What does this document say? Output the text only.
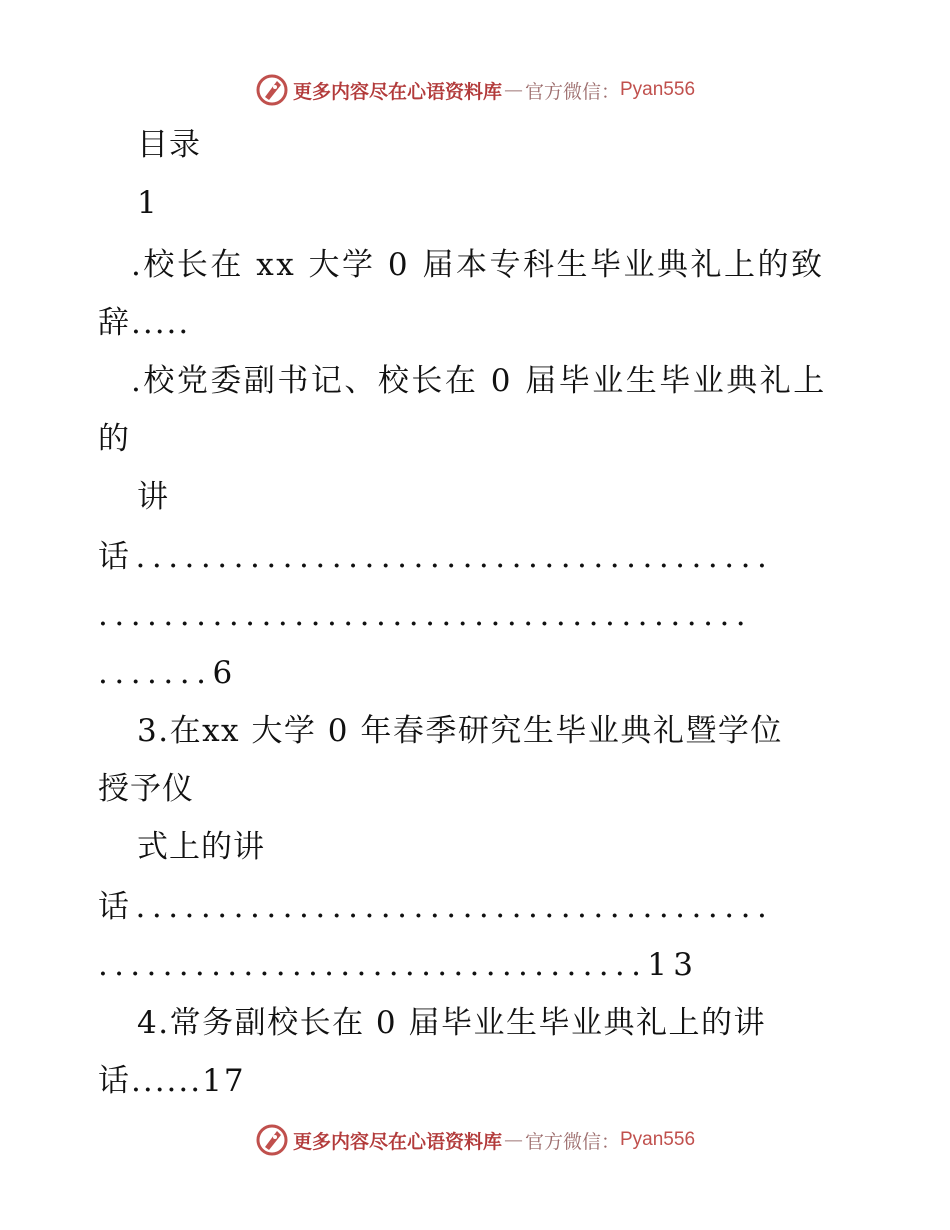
更多内容尽在心语资料库 — 官方微信： Pyan556
目录
1
.校长在 xx 大学 0 届本专科生毕业典礼上的致
辞.....
.校党委副书记、校长在 0 届毕业生毕业典礼上
的
讲
话.......................................
........................................
.......6
3.在xx 大学 0 年春季研究生毕业典礼暨学位
授予仪
式上的讲
话.......................................
..................................13
4.常务副校长在 0 届毕业生毕业典礼上的讲
话......17
更多内容尽在心语资料库 — 官方微信： Pyan556
